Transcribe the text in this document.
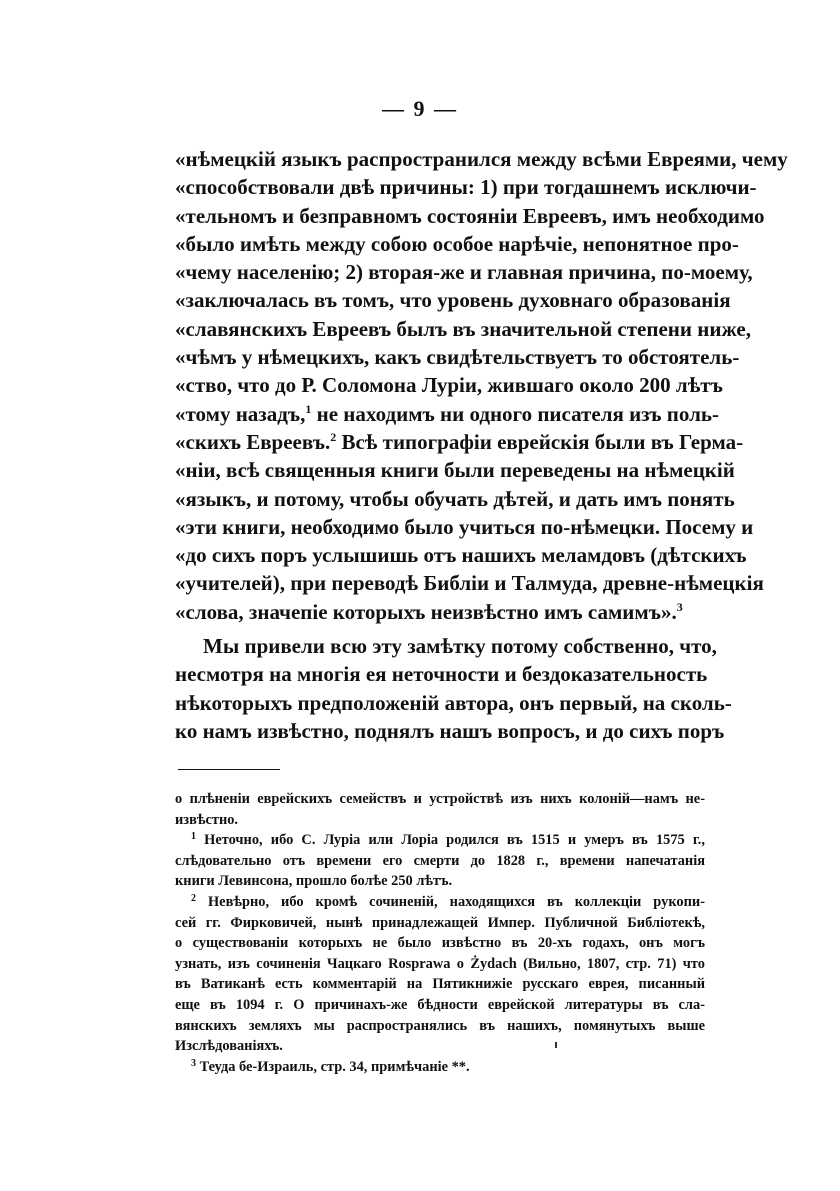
— 9 —
«нѣмецкій языкъ распространился между всѣми Евреями, чему
«способствовали двѣ причины: 1) при тогдашнемъ исключи-
«тельномъ и безправномъ состояніи Евреевъ, имъ необходимо
«было имѣть между собою особое нарѣчіе, непонятное про-
«чему населенію; 2) вторая-же и главная причина, по-моему,
«заключалась въ томъ, что уровень духовнаго образованія
«славянскихъ Евреевъ былъ въ значительной степени ниже,
«чѣмъ у нѣмецкихъ, какъ свидѣтельствуетъ то обстоятель-
«ство, что до Р. Соломона Луріи, жившаго около 200 лѣтъ
«тому назадъ,$^1$ не находимъ ни одного писателя изъ поль-
«скихъ Евреевъ.$^2$ Всѣ типографіи еврейскія были въ Герма-
«ніи, всѣ священныя книги были переведены на нѣмецкій
«языкъ, и потому, чтобы обучать дѣтей, и дать имъ понять
«эти книги, необходимо было учиться по-нѣмецки. Посему и
«до сихъ поръ услышишь отъ нашихъ меламдовъ (дѣтскихъ
«учителей), при переводѣ Библіи и Талмуда, древне-нѣмецкія
«слова, значепіе которыхъ неизвѣстно имъ самимъ».$^3$
Мы привели всю эту замѣтку потому собственно, что,
несмотря на многія ея неточности и бездоказательность
нѣкоторыхъ предположеній автора, онъ первый, на сколь-
ко намъ извѣстно, поднялъ нашъ вопросъ, и до сихъ поръ
о плѣненіи еврейскихъ семействъ и устройствѣ изъ нихъ колоній—намъ не-
извѣстно.
$^1$ Неточно, ибо С. Луріа или Лоріа родился въ 1515 и умеръ въ 1575 г.,
слѣдовательно отъ времени его смерти до 1828 г., времени напечатанія
книги Левинсона, прошло болѣе 250 лѣтъ.
$^2$ Невѣрно, ибо кромѣ сочиненій, находящихся въ коллекціи рукопи-
сей гг. Фирковичей, нынѣ принадлежащей Импер. Публичной Библіотекѣ,
о существованіи которыхъ не было извѣстно въ 20-хъ годахъ, онъ могъ
узнать, изъ сочиненія Чацкаго Rosprawa o Żydach (Вильно, 1807, стр. 71) что
въ Ватиканѣ есть комментарій на Пятикнижіе русскаго еврея, писанный
еще въ 1094 г. О причинахъ-же бѣдности еврейской литературы въ сла-
вянскихъ земляхъ мы распространялись въ нашихъ, помянутыхъ выше
Изслѣдованіяхъ.
$^3$ Теуда бе-Израиль, стр. 34, примѣчаніе **.
